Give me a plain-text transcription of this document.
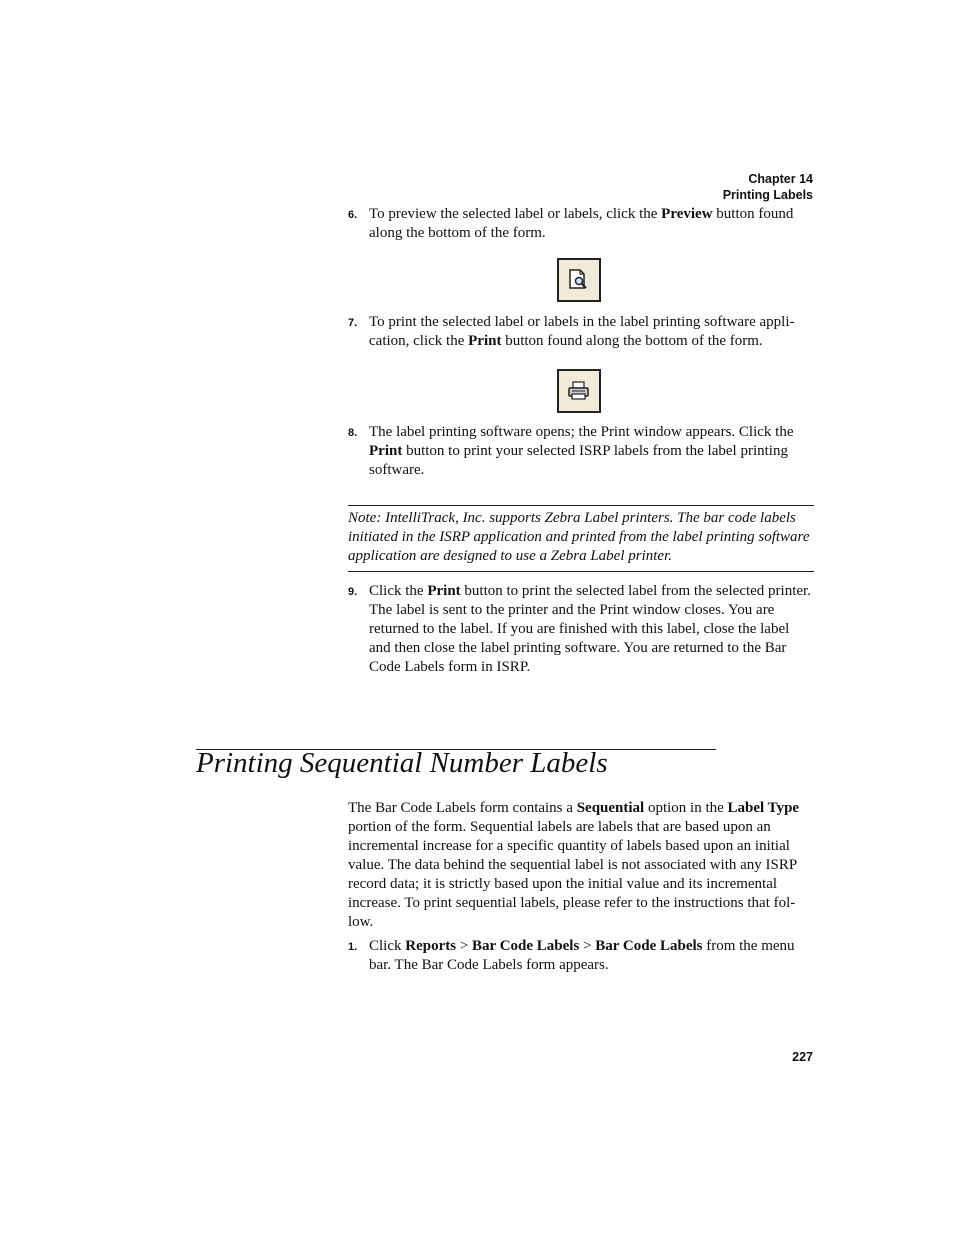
Chapter 14
Printing Labels
6. To preview the selected label or labels, click the Preview button found along the bottom of the form.
7. To print the selected label or labels in the label printing software appli-cation, click the Print button found along the bottom of the form.
8. The label printing software opens; the Print window appears. Click the Print button to print your selected ISRP labels from the label printing software.
Note: IntelliTrack, Inc. supports Zebra Label printers. The bar code labels initiated in the ISRP application and printed from the label printing software application are designed to use a Zebra Label printer.
9. Click the Print button to print the selected label from the selected printer. The label is sent to the printer and the Print window closes. You are returned to the label. If you are finished with this label, close the label and then close the label printing software. You are returned to the Bar Code Labels form in ISRP.
Printing Sequential Number Labels
The Bar Code Labels form contains a Sequential option in the Label Type portion of the form. Sequential labels are labels that are based upon an incremental increase for a specific quantity of labels based upon an initial value. The data behind the sequential label is not associated with any ISRP record data; it is strictly based upon the initial value and its incremental increase. To print sequential labels, please refer to the instructions that fol-low.
1. Click Reports > Bar Code Labels > Bar Code Labels from the menu bar. The Bar Code Labels form appears.
227
